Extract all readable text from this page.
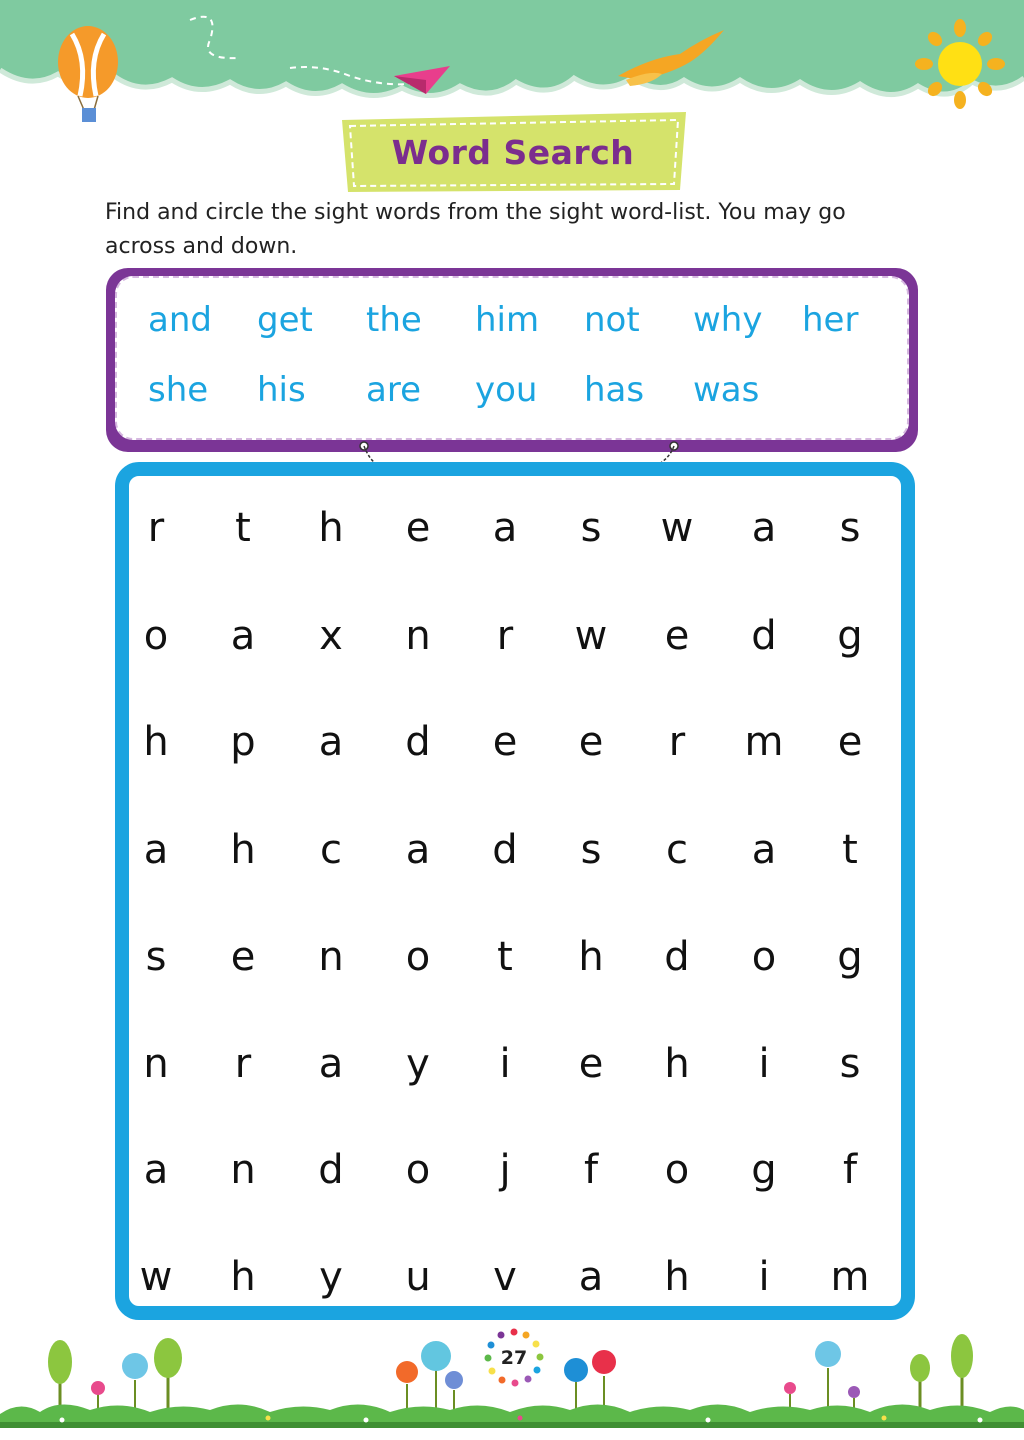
Word Search
Find and circle the sight words from the sight word-list. You may go across and down.
and get the him not why her
she his are you has was
r	t	h	e	a	s	w	a	s
o	a	x	n	r	w	e	d	g
h	p	a	d	e	e	r	m	e
a	h	c	a	d	s	c	a	t
s	e	n	o	t	h	d	o	g
n	r	a	y	i	e	h	i	s
a	n	d	o	j	f	o	g	f
w	h	y	u	v	a	h	i	m
27
